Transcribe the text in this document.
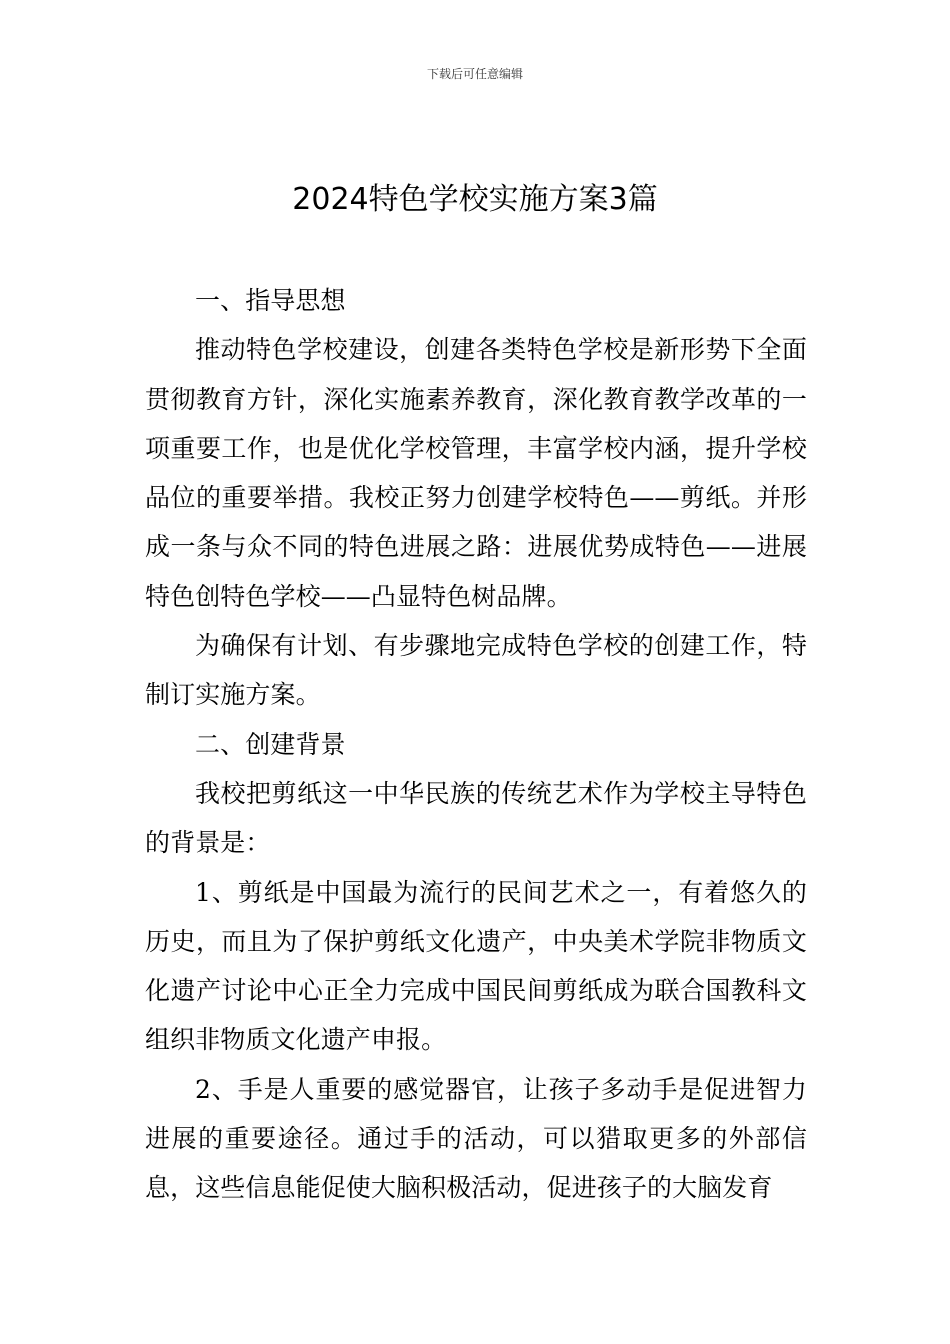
下载后可任意编辑
2024特色学校实施方案3篇

一、指导思想

推动特色学校建设，创建各类特色学校是新形势下全面贯彻教育方针，深化实施素养教育，深化教育教学改革的一项重要工作，也是优化学校管理，丰富学校内涵，提升学校品位的重要举措。我校正努力创建学校特色——剪纸。并形成一条与众不同的特色进展之路：进展优势成特色——进展特色创特色学校——凸显特色树品牌。

为确保有计划、有步骤地完成特色学校的创建工作，特制订实施方案。

二、创建背景

我校把剪纸这一中华民族的传统艺术作为学校主导特色的背景是：

1、剪纸是中国最为流行的民间艺术之一，有着悠久的历史，而且为了保护剪纸文化遗产，中央美术学院非物质文化遗产讨论中心正全力完成中国民间剪纸成为联合国教科文组织非物质文化遗产申报。

2、手是人重要的感觉器官，让孩子多动手是促进智力进展的重要途径。通过手的活动，可以猎取更多的外部信息，这些信息能促使大脑积极活动，促进孩子的大脑发育
